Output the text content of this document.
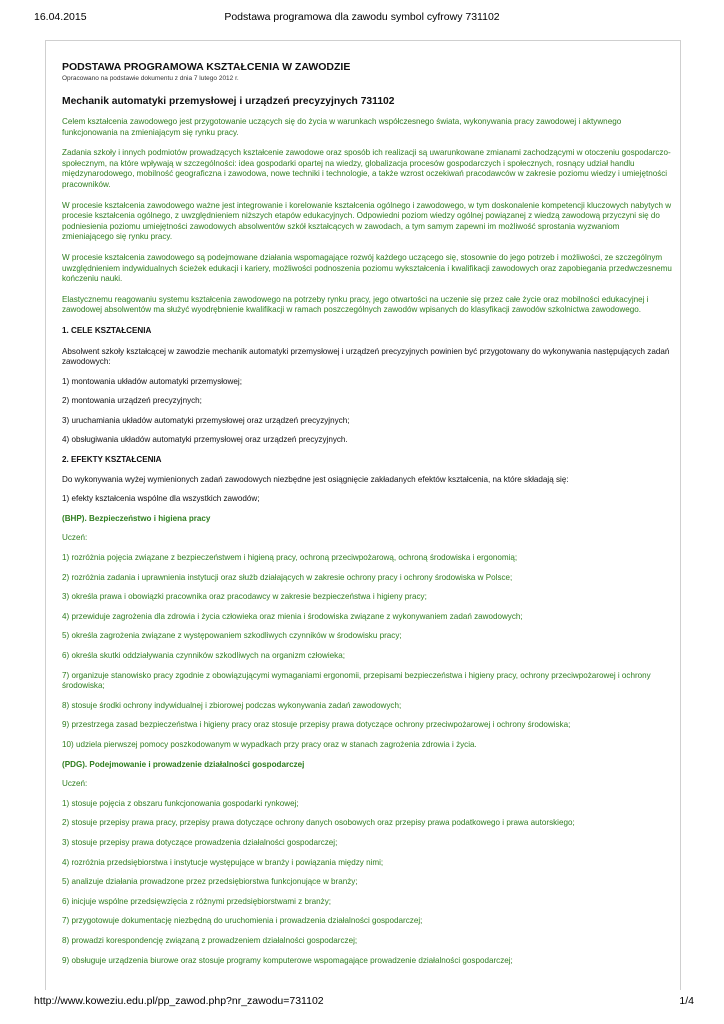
16.04.2015	Podstawa programowa dla zawodu symbol cyfrowy 731102

PODSTAWA PROGRAMOWA KSZTAŁCENIA W ZAWODZIE

Opracowano na podstawie dokumentu z dnia 7 lutego 2012 r.

Mechanik automatyki przemysłowej i urządzeń precyzyjnych 731102

Celem kształcenia zawodowego jest przygotowanie uczących się do życia w warunkach współczesnego świata, wykonywania pracy zawodowej i aktywnego funkcjonowania na zmieniającym się rynku pracy.

Zadania szkoły i innych podmiotów prowadzących kształcenie zawodowe oraz sposób ich realizacji są uwarunkowane zmianami zachodzącymi w otoczeniu gospodarczo-społecznym, na które wpływają w szczególności: idea gospodarki opartej na wiedzy, globalizacja procesów gospodarczych i społecznych, rosnący udział handlu międzynarodowego, mobilność geograficzna i zawodowa, nowe techniki i technologie, a także wzrost oczekiwań pracodawców w zakresie poziomu wiedzy i umiejętności pracowników.

W procesie kształcenia zawodowego ważne jest integrowanie i korelowanie kształcenia ogólnego i zawodowego, w tym doskonalenie kompetencji kluczowych nabytych w procesie kształcenia ogólnego, z uwzględnieniem niższych etapów edukacyjnych. Odpowiedni poziom wiedzy ogólnej powiązanej z wiedzą zawodową przyczyni się do podniesienia poziomu umiejętności zawodowych absolwentów szkół kształcących w zawodach, a tym samym zapewni im możliwość sprostania wyzwaniom zmieniającego się rynku pracy.

W procesie kształcenia zawodowego są podejmowane działania wspomagające rozwój każdego uczącego się, stosownie do jego potrzeb i możliwości, ze szczególnym uwzględnieniem indywidualnych ścieżek edukacji i kariery, możliwości podnoszenia poziomu wykształcenia i kwalifikacji zawodowych oraz zapobiegania przedwczesnemu kończeniu nauki.

Elastycznemu reagowaniu systemu kształcenia zawodowego na potrzeby rynku pracy, jego otwartości na uczenie się przez całe życie oraz mobilności edukacyjnej i zawodowej absolwentów ma służyć wyodrębnienie kwalifikacji w ramach poszczególnych zawodów wpisanych do klasyfikacji zawodów szkolnictwa zawodowego.

1. CELE KSZTAŁCENIA

Absolwent szkoły kształcącej w zawodzie mechanik automatyki przemysłowej i urządzeń precyzyjnych powinien być przygotowany do wykonywania następujących zadań zawodowych:

1) montowania układów automatyki przemysłowej;

2) montowania urządzeń precyzyjnych;

3) uruchamiania układów automatyki przemysłowej oraz urządzeń precyzyjnych;

4) obsługiwania układów automatyki przemysłowej oraz urządzeń precyzyjnych.

2. EFEKTY KSZTAŁCENIA

Do wykonywania wyżej wymienionych zadań zawodowych niezbędne jest osiągnięcie zakładanych efektów kształcenia, na które składają się:

1) efekty kształcenia wspólne dla wszystkich zawodów;

(BHP). Bezpieczeństwo i higiena pracy

Uczeń:

1) rozróżnia pojęcia związane z bezpieczeństwem i higieną pracy, ochroną przeciwpożarową, ochroną środowiska i ergonomią;

2) rozróżnia zadania i uprawnienia instytucji oraz służb działających w zakresie ochrony pracy i ochrony środowiska w Polsce;

3) określa prawa i obowiązki pracownika oraz pracodawcy w zakresie bezpieczeństwa i higieny pracy;

4) przewiduje zagrożenia dla zdrowia i życia człowieka oraz mienia i środowiska związane z wykonywaniem zadań zawodowych;

5) określa zagrożenia związane z występowaniem szkodliwych czynników w środowisku pracy;

6) określa skutki oddziaływania czynników szkodliwych na organizm człowieka;

7) organizuje stanowisko pracy zgodnie z obowiązującymi wymaganiami ergonomii, przepisami bezpieczeństwa i higieny pracy, ochrony przeciwpożarowej i ochrony środowiska;

8) stosuje środki ochrony indywidualnej i zbiorowej podczas wykonywania zadań zawodowych;

9) przestrzega zasad bezpieczeństwa i higieny pracy oraz stosuje przepisy prawa dotyczące ochrony przeciwpożarowej i ochrony środowiska;

10) udziela pierwszej pomocy poszkodowanym w wypadkach przy pracy oraz w stanach zagrożenia zdrowia i życia.

(PDG). Podejmowanie i prowadzenie działalności gospodarczej

Uczeń:

1) stosuje pojęcia z obszaru funkcjonowania gospodarki rynkowej;

2) stosuje przepisy prawa pracy, przepisy prawa dotyczące ochrony danych osobowych oraz przepisy prawa podatkowego i prawa autorskiego;

3) stosuje przepisy prawa dotyczące prowadzenia działalności gospodarczej;

4) rozróżnia przedsiębiorstwa i instytucje występujące w branży i powiązania między nimi;

5) analizuje działania prowadzone przez przedsiębiorstwa funkcjonujące w branży;

6) inicjuje wspólne przedsięwzięcia z różnymi przedsiębiorstwami z branży;

7) przygotowuje dokumentację niezbędną do uruchomienia i prowadzenia działalności gospodarczej;

8) prowadzi korespondencję związaną z prowadzeniem działalności gospodarczej;

9) obsługuje urządzenia biurowe oraz stosuje programy komputerowe wspomagające prowadzenie działalności gospodarczej;

http://www.koweziu.edu.pl/pp_zawod.php?nr_zawodu=731102	1/4
